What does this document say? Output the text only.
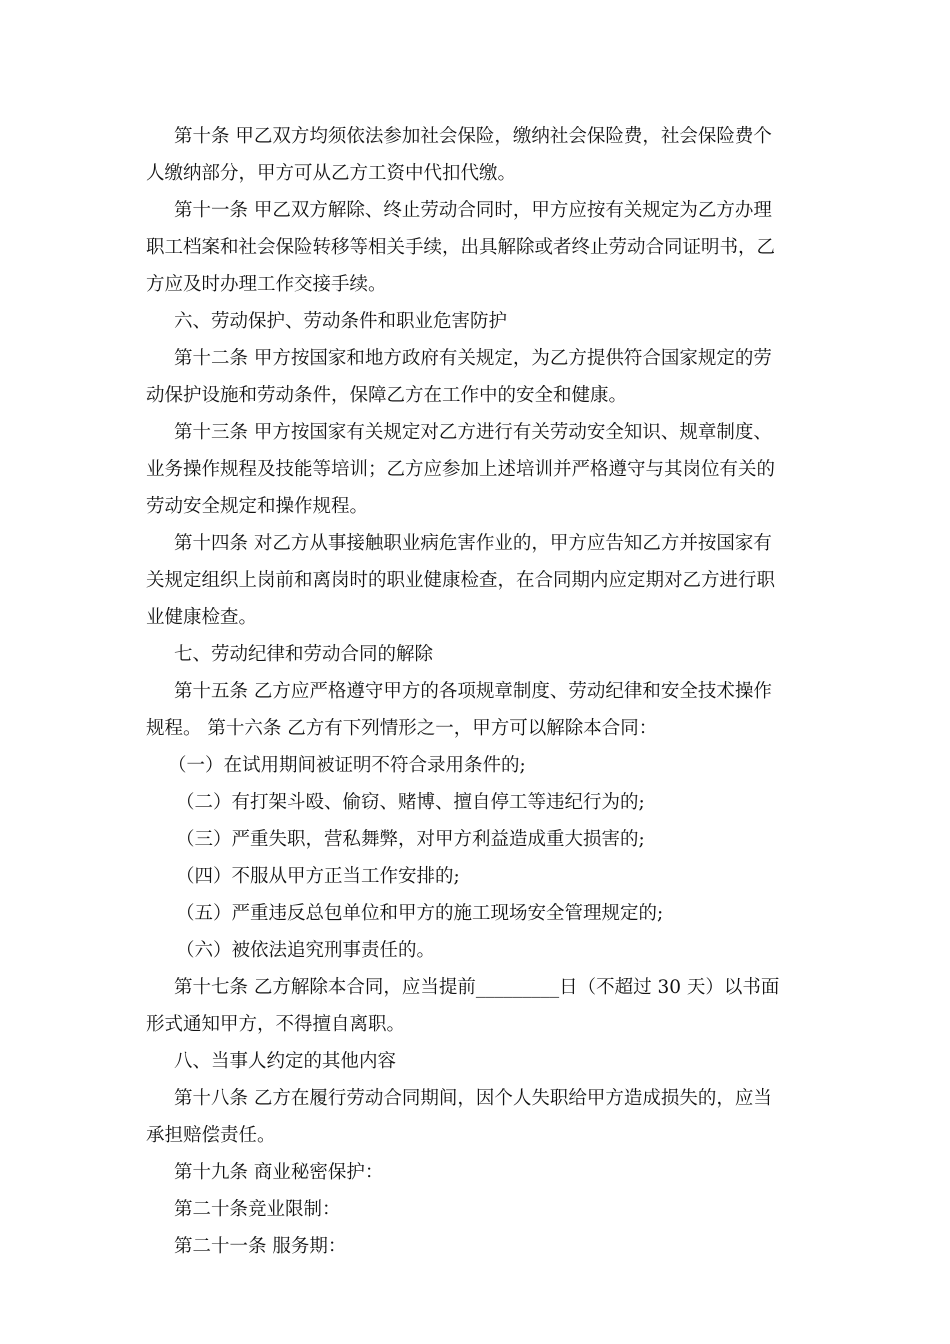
第十条 甲乙双方均须依法参加社会保险，缴纳社会保险费，社会保险费个
人缴纳部分，甲方可从乙方工资中代扣代缴。
第十一条 甲乙双方解除、终止劳动合同时，甲方应按有关规定为乙方办理
职工档案和社会保险转移等相关手续，出具解除或者终止劳动合同证明书，乙
方应及时办理工作交接手续。
六、劳动保护、劳动条件和职业危害防护
第十二条 甲方按国家和地方政府有关规定，为乙方提供符合国家规定的劳
动保护设施和劳动条件，保障乙方在工作中的安全和健康。
第十三条 甲方按国家有关规定对乙方进行有关劳动安全知识、规章制度、
业务操作规程及技能等培训；乙方应参加上述培训并严格遵守与其岗位有关的
劳动安全规定和操作规程。
第十四条 对乙方从事接触职业病危害作业的，甲方应告知乙方并按国家有
关规定组织上岗前和离岗时的职业健康检查，在合同期内应定期对乙方进行职
业健康检查。
七、劳动纪律和劳动合同的解除
第十五条 乙方应严格遵守甲方的各项规章制度、劳动纪律和安全技术操作
规程。 第十六条 乙方有下列情形之一，甲方可以解除本合同：
（一）在试用期间被证明不符合录用条件的;
（二）有打架斗殴、偷窃、赌博、擅自停工等违纪行为的;
（三）严重失职，营私舞弊，对甲方利益造成重大损害的;
（四）不服从甲方正当工作安排的;
（五）严重违反总包单位和甲方的施工现场安全管理规定的;
（六）被依法追究刑事责任的。
第十七条 乙方解除本合同，应当提前_________日（不超过 30 天）以书面
形式通知甲方，不得擅自离职。
八、当事人约定的其他内容
第十八条 乙方在履行劳动合同期间，因个人失职给甲方造成损失的，应当
承担赔偿责任。
第十九条 商业秘密保护：
第二十条竞业限制：
第二十一条 服务期：
